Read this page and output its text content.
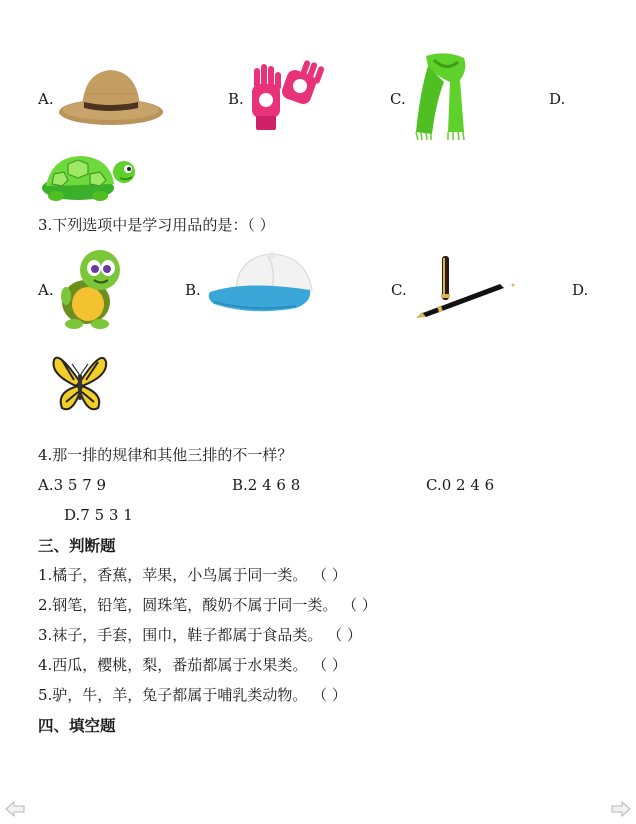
A.	B.	C.	D.
3.下列选项中是学习用品的是：（ ）
A.	B.	C.	D.
4.那一排的规律和其他三排的不一样？
A.3 5 7 9	B.2 4 6 8	C.0 2 4 6
D.7 5 3 1
三、判断题
1.橘子，香蕉，苹果，小鸟属于同一类。 （ ）
2.钢笔，铅笔，圆珠笔，酸奶不属于同一类。 （ ）
3.袜子，手套，围巾，鞋子都属于食品类。 （ ）
4.西瓜，樱桃，梨，番茄都属于水果类。 （ ）
5.驴，牛，羊，兔子都属于哺乳类动物。 （ ）
四、填空题
